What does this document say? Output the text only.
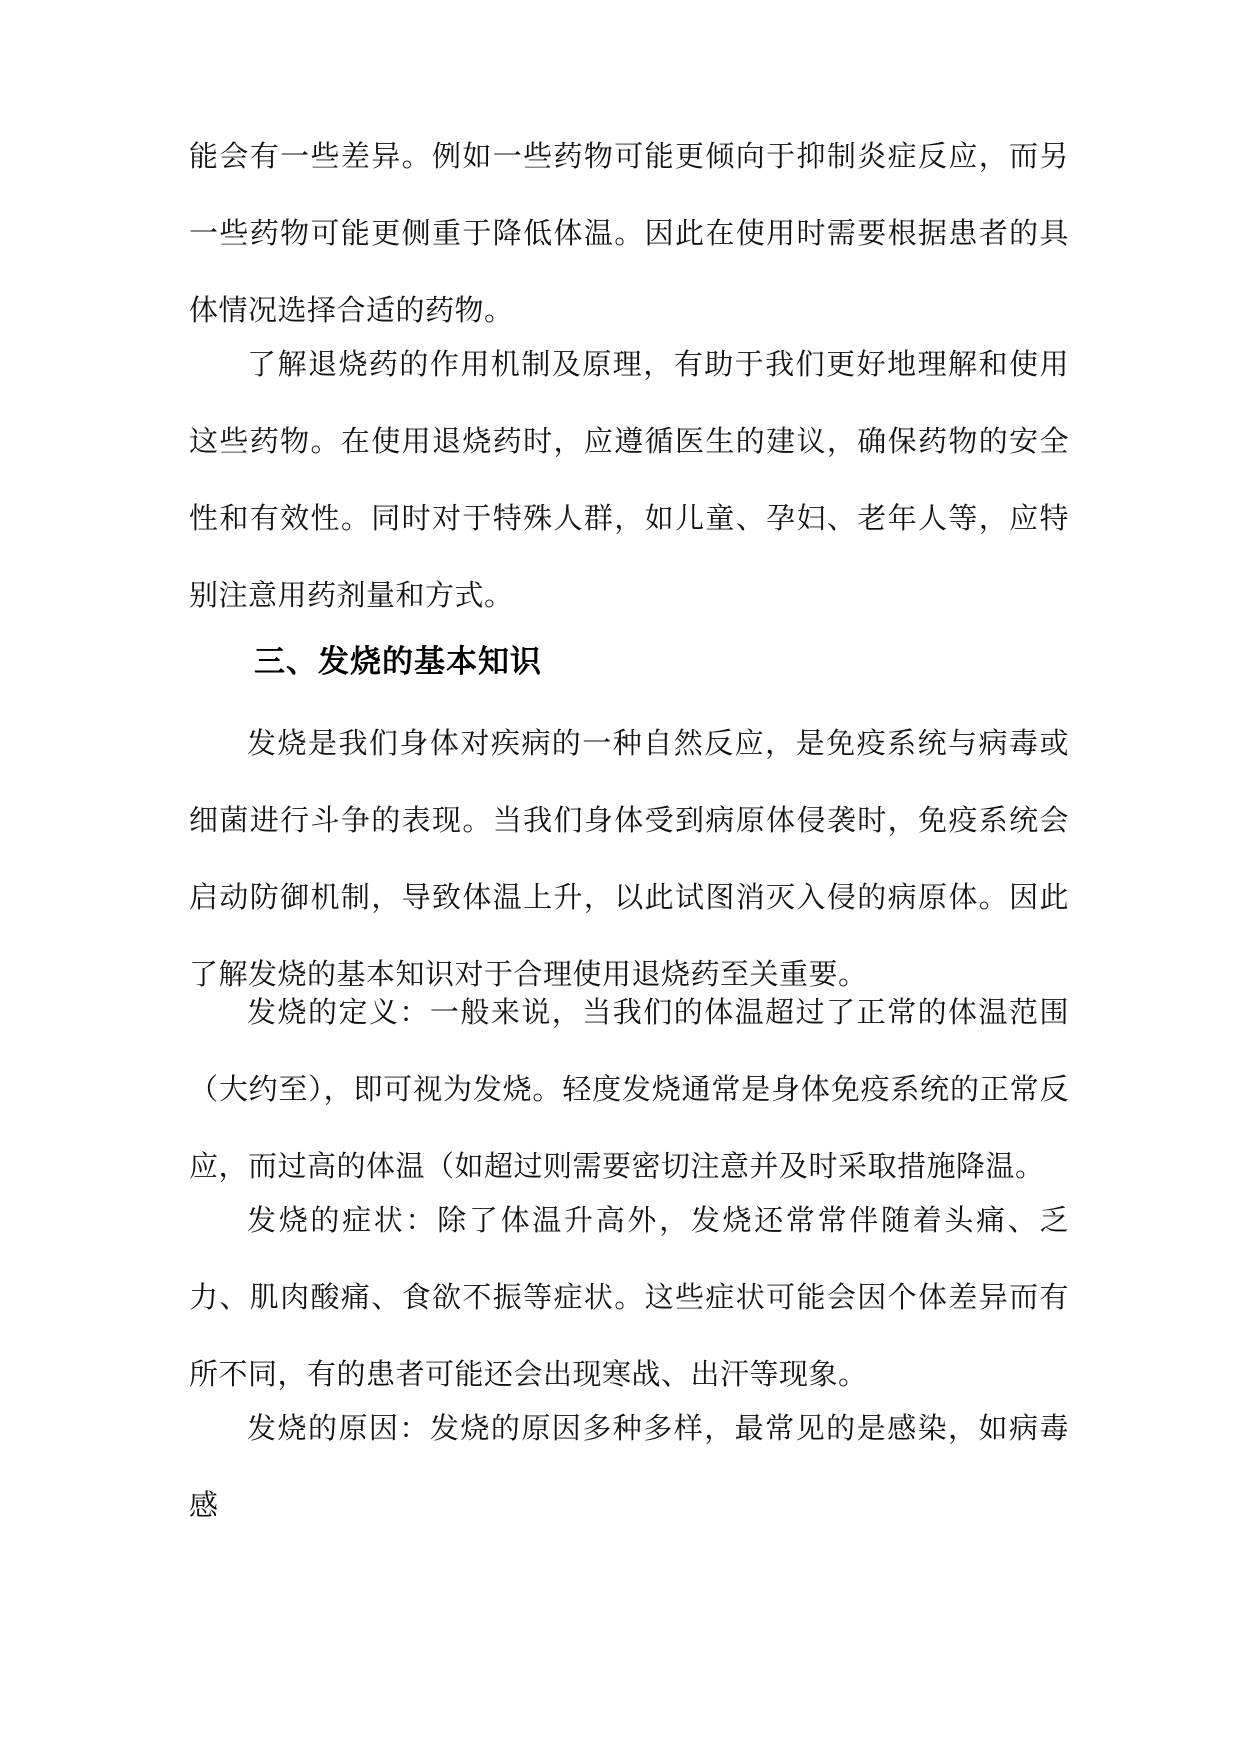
能会有一些差异。例如一些药物可能更倾向于抑制炎症反应，而另一些药物可能更侧重于降低体温。因此在使用时需要根据患者的具体情况选择合适的药物。

了解退烧药的作用机制及原理，有助于我们更好地理解和使用这些药物。在使用退烧药时，应遵循医生的建议，确保药物的安全性和有效性。同时对于特殊人群，如儿童、孕妇、老年人等，应特别注意用药剂量和方式。

三、发烧的基本知识

发烧是我们身体对疾病的一种自然反应，是免疫系统与病毒或细菌进行斗争的表现。当我们身体受到病原体侵袭时，免疫系统会启动防御机制，导致体温上升，以此试图消灭入侵的病原体。因此了解发烧的基本知识对于合理使用退烧药至关重要。

发烧的定义：一般来说，当我们的体温超过了正常的体温范围（大约至），即可视为发烧。轻度发烧通常是身体免疫系统的正常反应，而过高的体温（如超过则需要密切注意并及时采取措施降温。

发烧的症状：除了体温升高外，发烧还常常伴随着头痛、乏力、肌肉酸痛、食欲不振等症状。这些症状可能会因个体差异而有所不同，有的患者可能还会出现寒战、出汗等现象。

发烧的原因：发烧的原因多种多样，最常见的是感染，如病毒感
